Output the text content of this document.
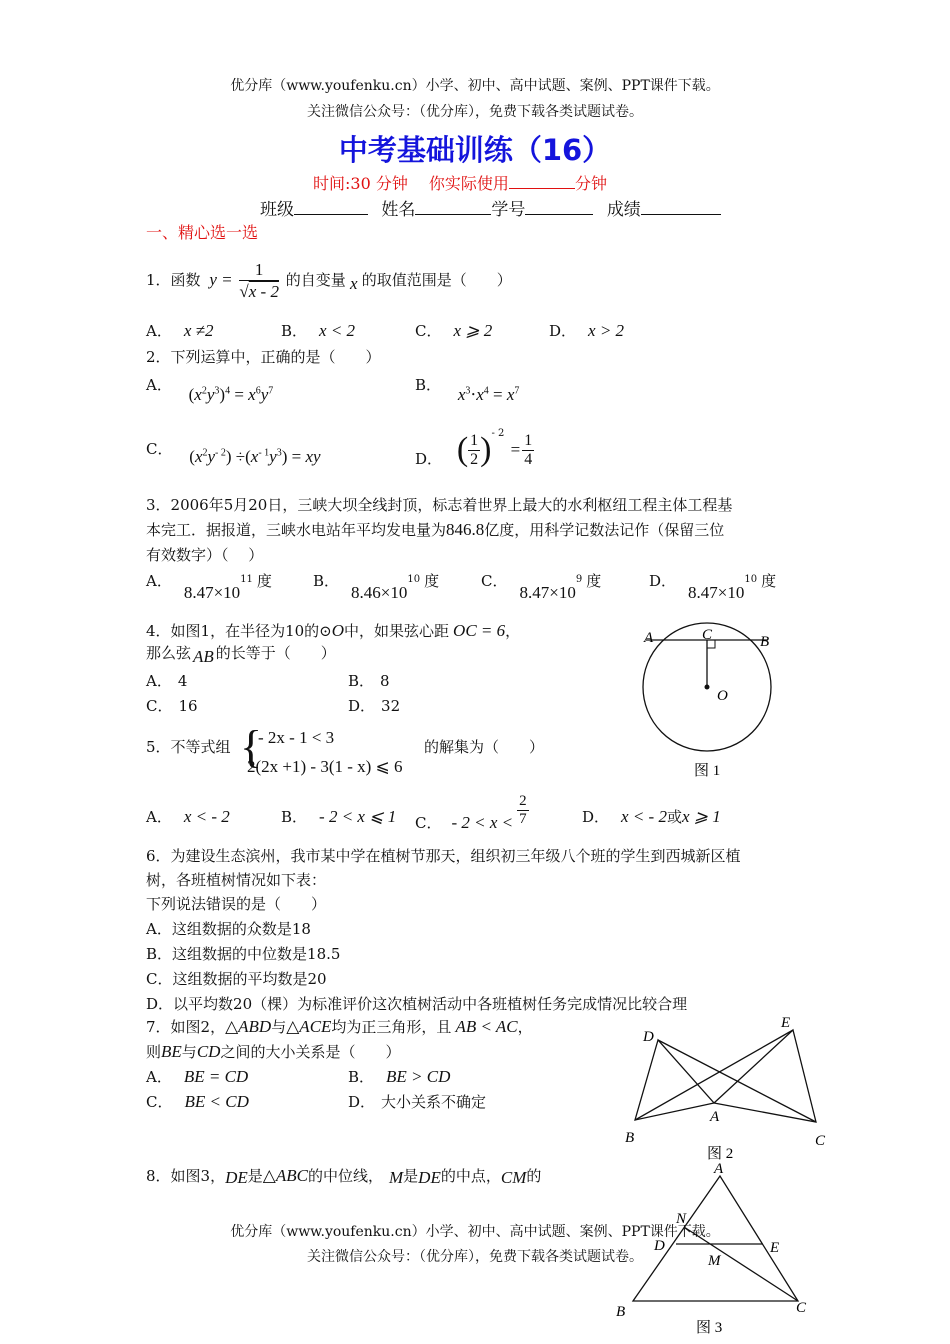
优分库（www.youfenku.cn）小学、初中、高中试题、案例、PPT课件下载。
关注微信公众号：（优分库），免费下载各类试题试卷。
中考基础训练（16）
时间:30 分钟　 你实际使用	分钟
班级	姓名	学号	成绩
一、精心选一选
1．函数 $y = \frac{1}{√x - 2}$ 的自变量 x 的取值范围是（　　）
A． x ≠2	B． x < 2	C． x ⩾ 2	D． x > 2
2．下列运算中，正确的是（　　）
A． $(x^2y^3)^4 = x^6y^7$	B． $x^3\cdot x^4 = x^7$
C． $(x^2y^{- 2}) \div(x^{- 1}y^3)$ = xy	D． ( $\frac{1}{2} )^{- 2} = \frac{1}{4}$
3．2006年5月20日，三峡大坝全线封顶，标志着世界上最大的水利枢纽工程主体工程基
本完工．据报道，三峡水电站年平均发电量为846.8亿度，用科学记数法记作（保留三位
有效数字）（　 ）
A．$8.47\times 10^{11}$ 度	B．$8.46\times 10^{10}$ 度	C．$8.47\times 10^9$ 度	D．$8.47\times 10^{10}$ 度
4．如图1，在半径为10的⊙O中，如果弦心距 OC = 6，
那么弦 AB 的长等于（　　）
A． 4	B． 8
C． 16	D． 32
A	C	B
O
图 1
5．不等式组 {
- 2x - 1 < 3
2(2x +1) - 3(1 - x) ⩽ 6
的解集为（　　）
A． x < - 2	B． - 2 < x ⩽ 1 C． - $2 < x < \frac{2}{7}$	D． x < - 2或x ⩾ 1
6．为建设生态滨州，我市某中学在植树节那天，组织初三年级八个班的学生到西城新区植
树，各班植树情况如下表：
下列说法错误的是（　　）
A．这组数据的众数是18
B．这组数据的中位数是18.5
C．这组数据的平均数是20
D．以平均数20（棵）为标准评价这次植树活动中各班植树任务完成情况比较合理
7．如图2，△ABD与△ACE均为正三角形，且 AB < AC，
则BE与CD之间的大小关系是（　　）
A． BE = CD	B． BE > CD
C． BE < CD	D． 大小关系不确定
D
E
A
B	C
图 2
8．如图3，DE是△ABC的中位线， M是DE的中点，CM的	A
N
D	E
M
B	C
图 3
优分库（www.youfenku.cn）小学、初中、高中试题、案例、PPT课件下载。
关注微信公众号：（优分库），免费下载各类试题试卷。
